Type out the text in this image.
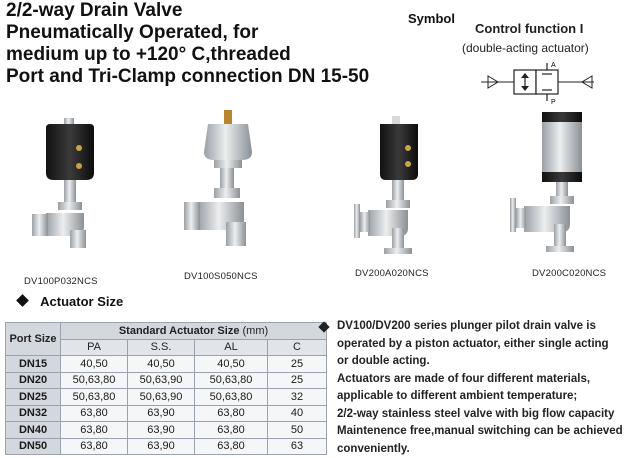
2/2-way Drain Valve
Pneumatically Operated, for
medium up to +120° C,threaded
Port and Tri-Clamp connection DN 15-50
Symbol
Control function I
(double-acting actuator)
A
P
DV100P032NCS	DV100S050NCS	DV200A020NCS	DV200C020NCS
Actuator Size
Port Size	Standard Actuator Size (mm)			
	PA	S.S.	AL	C
DN15	40,50	40,50	40,50	25
DN20	50,63,80	50,63,90	50,63,80	25
DN25	50,63,80	50,63,90	50,63,80	32
DN32	63,80	63,90	63,80	40
DN40	63,80	63,90	63,80	50
DN50	63,80	63,90	63,80	63
DV100/DV200 series plunger pilot drain valve is
operated by a piston actuator, either single acting
or double acting.
Actuators are made of four different materials,
applicable to different ambient temperature;
2/2-way stainless steel valve with big flow capacity
Maintenence free,manual switching can be achieved
conveniently.
